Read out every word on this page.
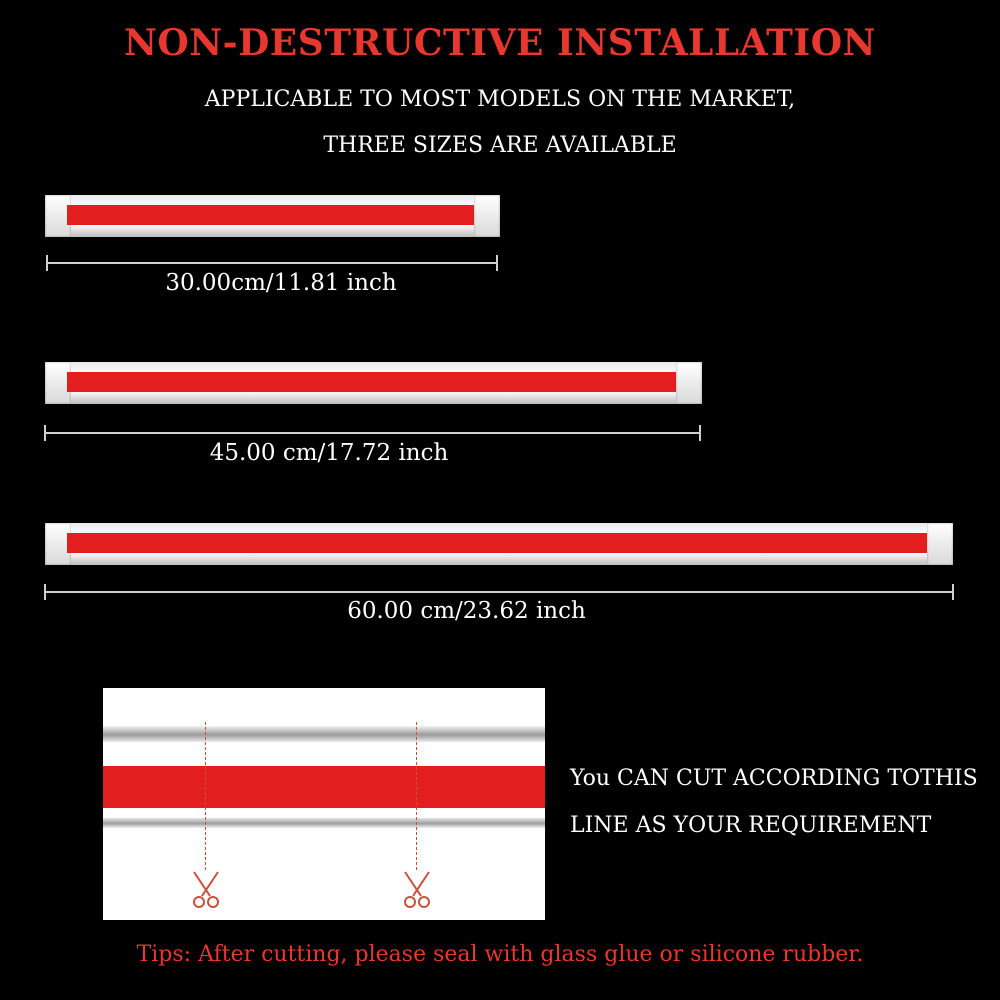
NON-DESTRUCTIVE INSTALLATION
APPLICABLE TO MOST MODELS ON THE MARKET,
THREE SIZES ARE AVAILABLE
30.00cm/11.81 inch
45.00 cm/17.72 inch
60.00 cm/23.62 inch
You CAN CUT ACCORDING TOTHIS
LINE AS YOUR REQUIREMENT
Tips: After cutting, please seal with glass glue or silicone rubber.
